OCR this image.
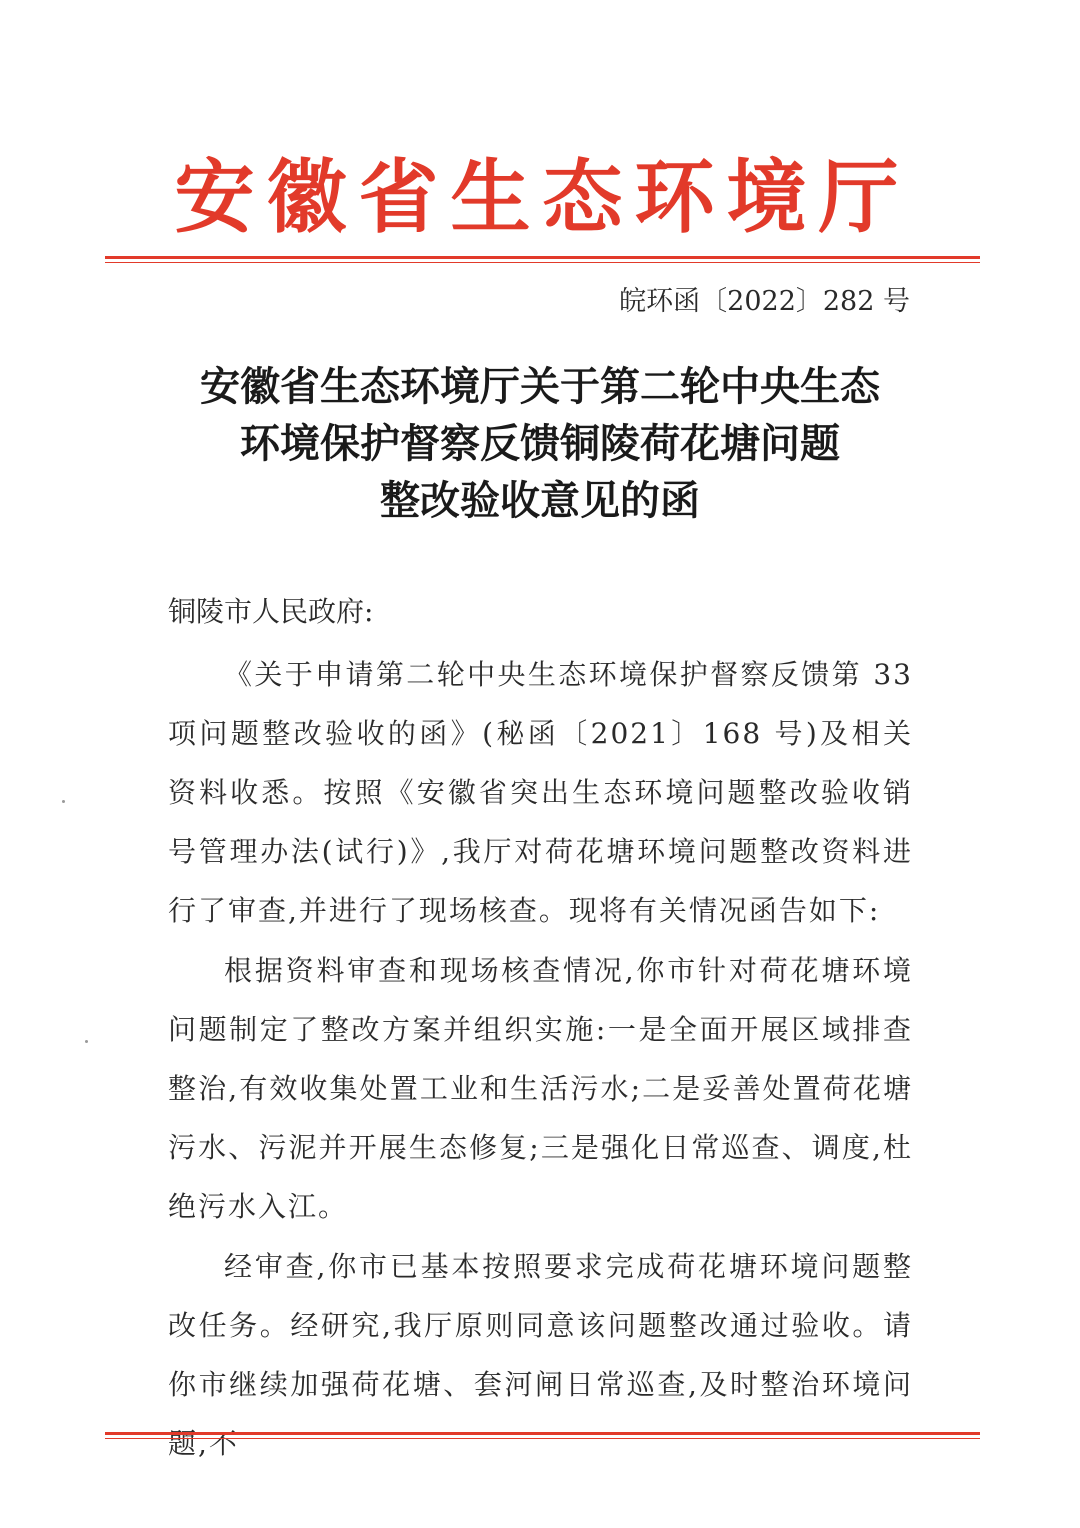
安徽省生态环境厅
皖环函〔2022〕282 号
安徽省生态环境厅关于第二轮中央生态
环境保护督察反馈铜陵荷花塘问题
整改验收意见的函
铜陵市人民政府:

《关于申请第二轮中央生态环境保护督察反馈第 33 项问题整改验收的函》(秘函〔2021〕168 号)及相关资料收悉。按照《安徽省突出生态环境问题整改验收销号管理办法(试行)》,我厅对荷花塘环境问题整改资料进行了审查,并进行了现场核查。现将有关情况函告如下:

根据资料审查和现场核查情况,你市针对荷花塘环境问题制定了整改方案并组织实施:一是全面开展区域排查整治,有效收集处置工业和生活污水;二是妥善处置荷花塘污水、污泥并开展生态修复;三是强化日常巡查、调度,杜绝污水入江。

经审查,你市已基本按照要求完成荷花塘环境问题整改任务。经研究,我厅原则同意该问题整改通过验收。请你市继续加强荷花塘、套河闸日常巡查,及时整治环境问题,不
